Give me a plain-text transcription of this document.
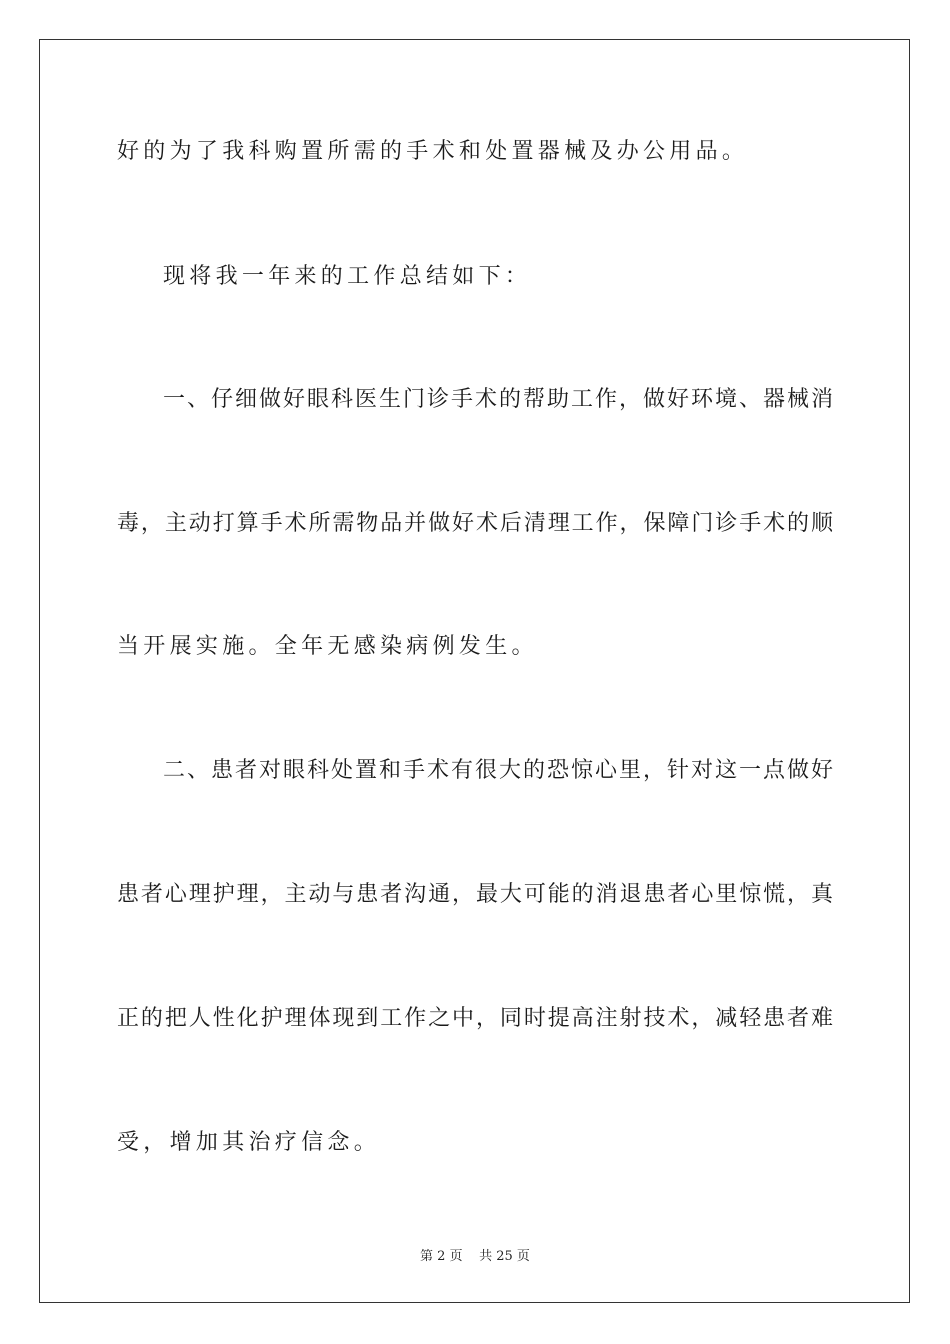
好的为了我科购置所需的手术和处置器械及办公用品。
现将我一年来的工作总结如下：
一、仔细做好眼科医生门诊手术的帮助工作，做好环境、器械消
毒，主动打算手术所需物品并做好术后清理工作，保障门诊手术的顺
当开展实施。全年无感染病例发生。
二、患者对眼科处置和手术有很大的恐惊心里，针对这一点做好
患者心理护理，主动与患者沟通，最大可能的消退患者心里惊慌，真
正的把人性化护理体现到工作之中，同时提高注射技术，减轻患者难
受，增加其治疗信念。
第 2 页 共 25 页
